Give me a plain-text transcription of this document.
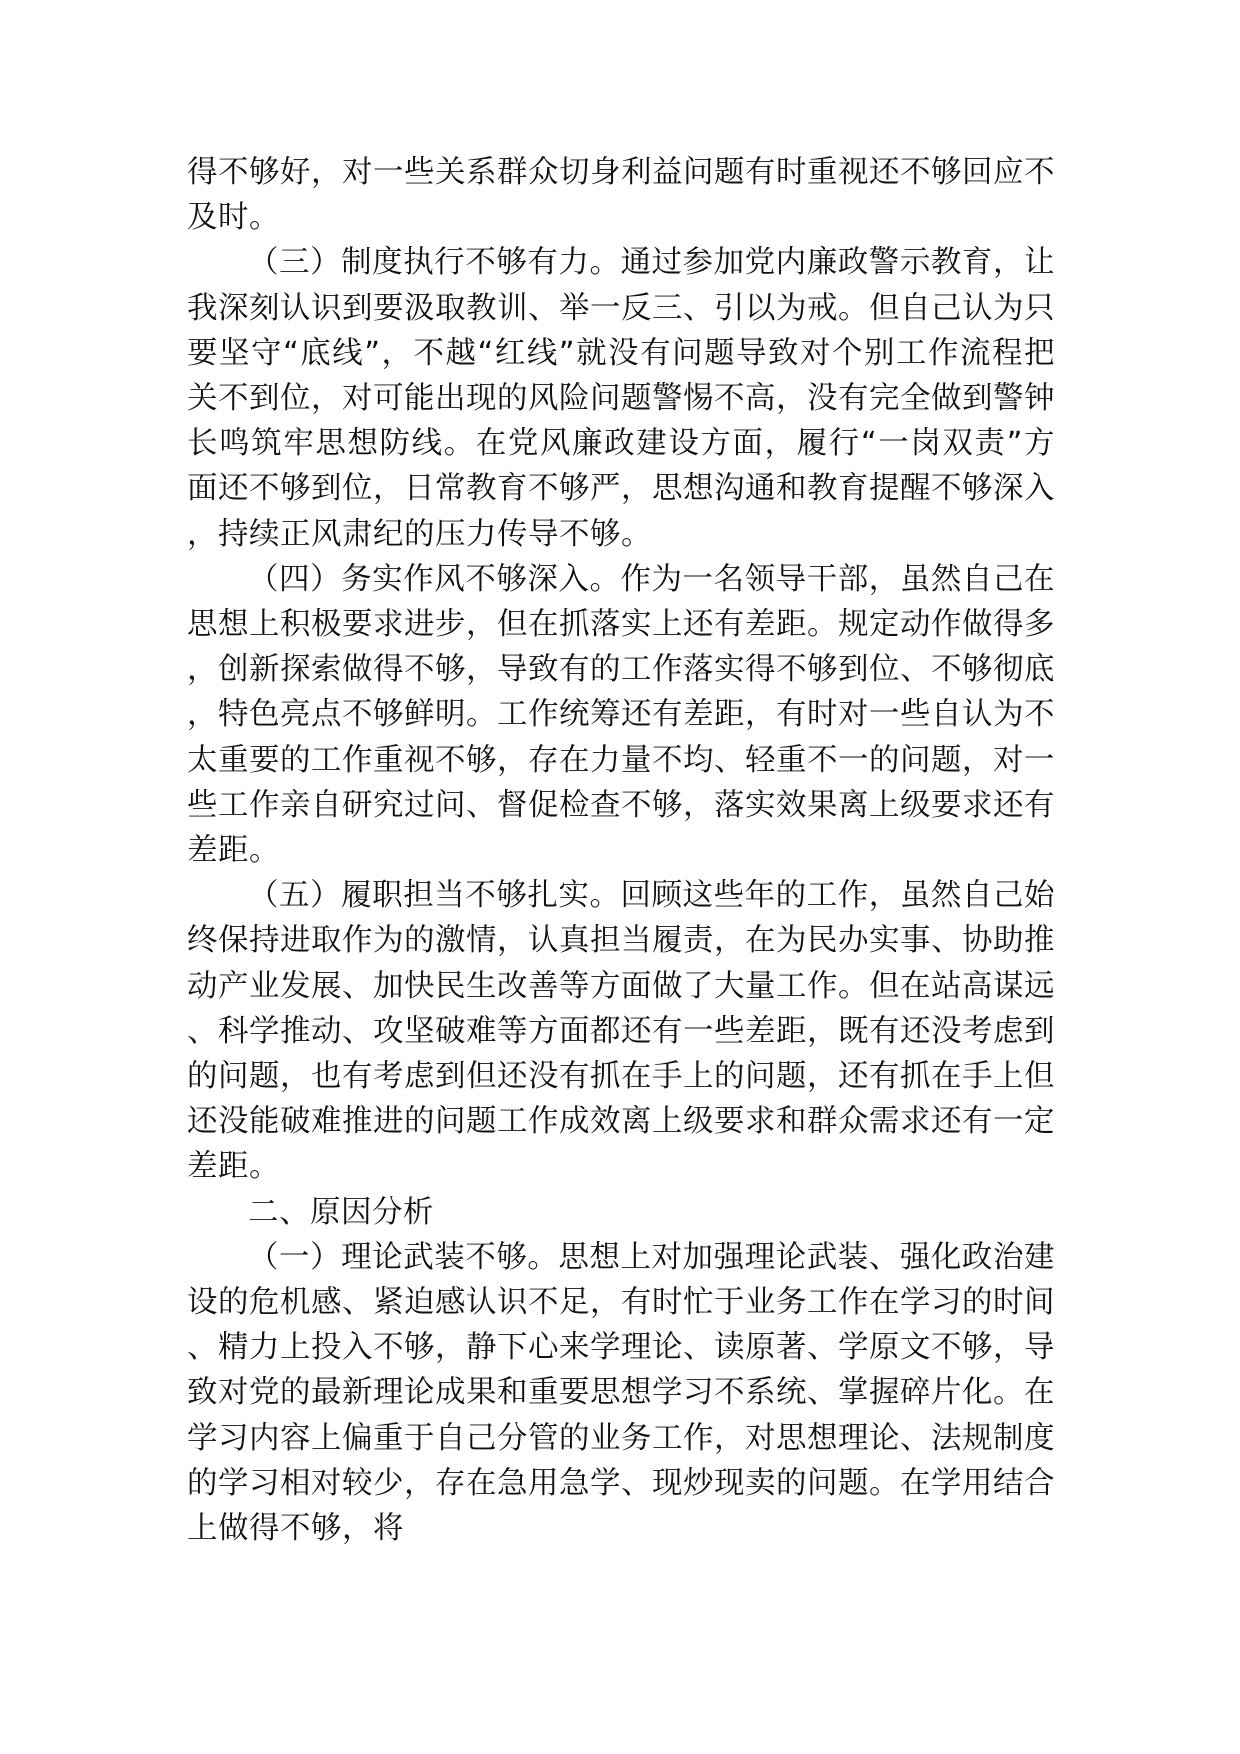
得不够好，对一些关系群众切身利益问题有时重视还不够回应不及时。

（三）制度执行不够有力。通过参加党内廉政警示教育，让我深刻认识到要汲取教训、举一反三、引以为戒。但自己认为只要坚守“底线”，不越“红线”就没有问题导致对个别工作流程把关不到位，对可能出现的风险问题警惕不高，没有完全做到警钟长鸣筑牢思想防线。在党风廉政建设方面，履行“一岗双责”方面还不够到位，日常教育不够严，思想沟通和教育提醒不够深入，持续正风肃纪的压力传导不够。

（四）务实作风不够深入。作为一名领导干部，虽然自己在思想上积极要求进步，但在抓落实上还有差距。规定动作做得多，创新探索做得不够，导致有的工作落实得不够到位、不够彻底，特色亮点不够鲜明。工作统筹还有差距，有时对一些自认为不太重要的工作重视不够，存在力量不均、轻重不一的问题，对一些工作亲自研究过问、督促检查不够，落实效果离上级要求还有差距。

（五）履职担当不够扎实。回顾这些年的工作，虽然自己始终保持进取作为的激情，认真担当履责，在为民办实事、协助推动产业发展、加快民生改善等方面做了大量工作。但在站高谋远、科学推动、攻坚破难等方面都还有一些差距，既有还没考虑到的问题，也有考虑到但还没有抓在手上的问题，还有抓在手上但还没能破难推进的问题工作成效离上级要求和群众需求还有一定差距。

二、原因分析

（一）理论武装不够。思想上对加强理论武装、强化政治建设的危机感、紧迫感认识不足，有时忙于业务工作在学习的时间、精力上投入不够，静下心来学理论、读原著、学原文不够，导致对党的最新理论成果和重要思想学习不系统、掌握碎片化。在学习内容上偏重于自己分管的业务工作，对思想理论、法规制度的学习相对较少，存在急用急学、现炒现卖的问题。在学用结合上做得不够，将
